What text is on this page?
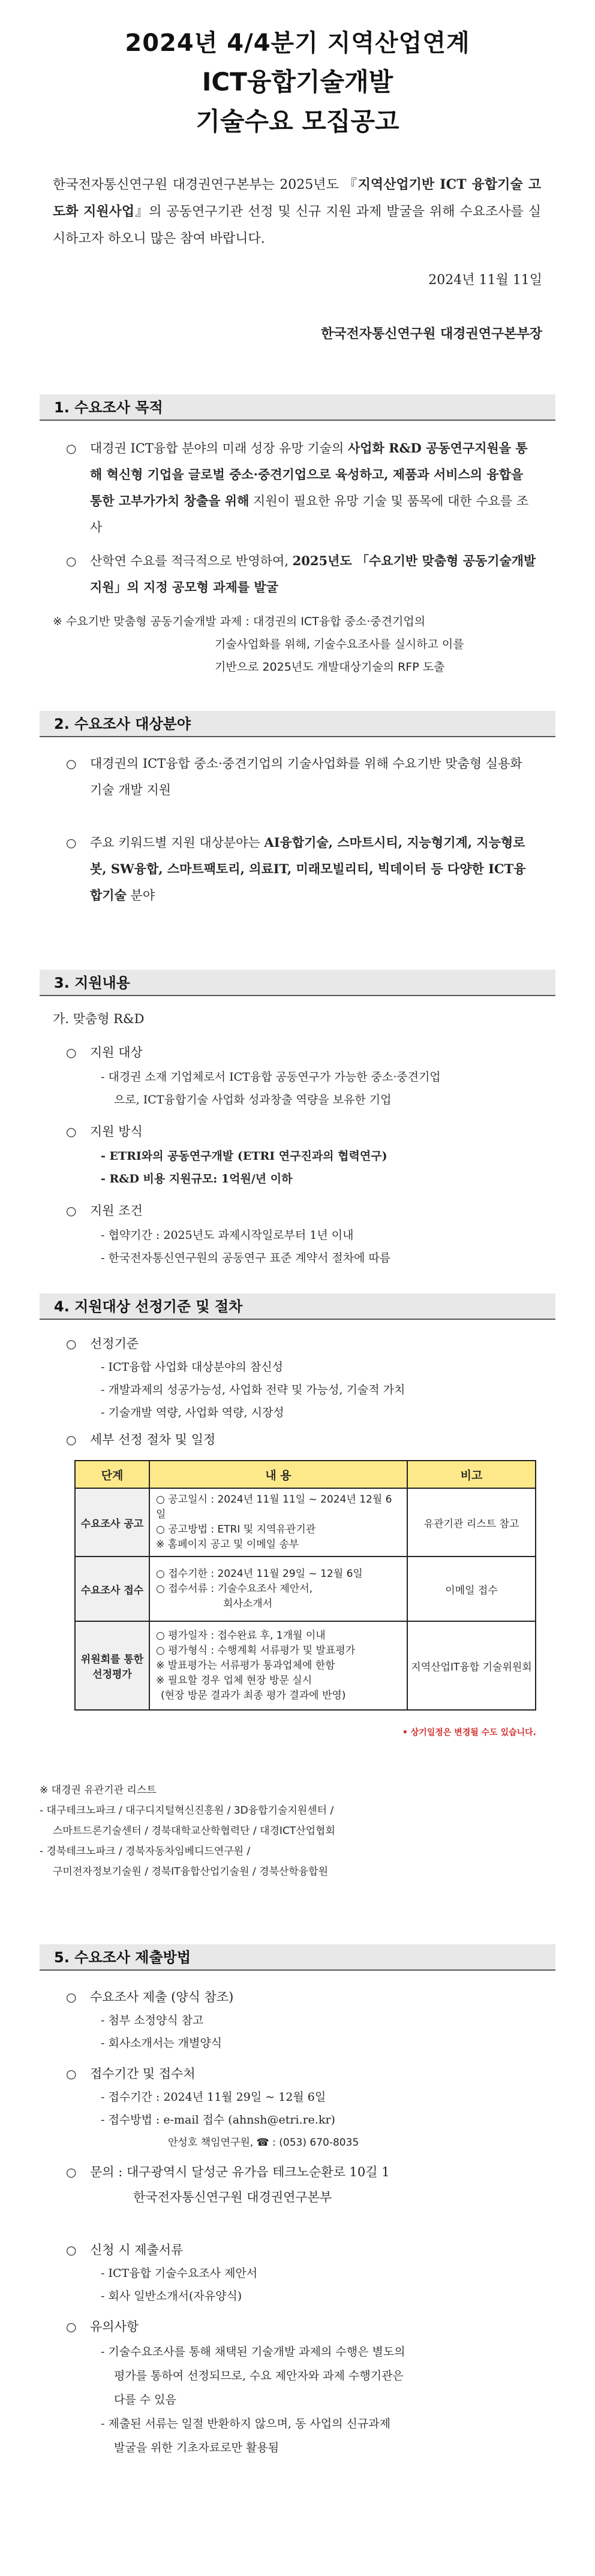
2024년 4/4분기 지역산업연계
ICT융합기술개발
기술수요 모집공고
한국전자통신연구원 대경권연구본부는 2025년도 『지역산업기반 ICT 융합기술 고도화 지원사업』의 공동연구기관 선정 및 신규 지원 과제 발굴을 위해 수요조사를 실시하고자 하오니 많은 참여 바랍니다.
2024년 11월 11일
한국전자통신연구원 대경권연구본부장
1. 수요조사 목적
○ 대경권 ICT융합 분야의 미래 성장 유망 기술의 사업화 R&D 공동연구지원을 통해 혁신형 기업을 글로벌 중소·중견기업으로 육성하고, 제품과 서비스의 융합을 통한 고부가가치 창출을 위해 지원이 필요한 유망 기술 및 품목에 대한 수요를 조사
○ 산학연 수요를 적극적으로 반영하여, 2025년도 「수요기반 맞춤형 공동기술개발 지원」의 지정 공모형 과제를 발굴
※ 수요기반 맞춤형 공동기술개발 과제 : 대경권의 ICT융합 중소·중견기업의
기술사업화를 위해, 기술수요조사를 실시하고 이를
기반으로 2025년도 개발대상기술의 RFP 도출
2. 수요조사 대상분야
○ 대경권의 ICT융합 중소·중견기업의 기술사업화를 위해 수요기반 맞춤형 실용화 기술 개발 지원
○ 주요 키워드별 지원 대상분야는 AI융합기술, 스마트시티, 지능형기계, 지능형로봇, SW융합, 스마트팩토리, 의료IT, 미래모빌리티, 빅데이터 등 다양한 ICT융합기술 분야
3. 지원내용
가. 맞춤형 R&D
○ 지원 대상
- 대경권 소재 기업체로서 ICT융합 공동연구가 가능한 중소·중견기업
으로, ICT융합기술 사업화 성과창출 역량을 보유한 기업
○ 지원 방식
- ETRI와의 공동연구개발 (ETRI 연구진과의 협력연구)
- R&D 비용 지원규모: 1억원/년 이하
○ 지원 조건
- 협약기간 : 2025년도 과제시작일로부터 1년 이내
- 한국전자통신연구원의 공동연구 표준 계약서 절차에 따름
4. 지원대상 선정기준 및 절차
○ 선정기준
- ICT융합 사업화 대상분야의 참신성
- 개발과제의 성공가능성, 사업화 전략 및 가능성, 기술적 가치
- 기술개발 역량, 사업화 역량, 시장성
○ 세부 선정 절차 및 일정
단계	내 용	비고
수요조사 공고	○ 공고일시 : 2024년 11월 11일 ~ 2024년 12월 6일
○ 공고방법 : ETRI 및 지역유관기관
※ 홈페이지 공고 및 이메일 송부	유관기관 리스트 참고
수요조사 접수	○ 접수기한 : 2024년 11월 29일 ~ 12월 6일
○ 접수서류 : 기술수요조사 제안서,
회사소개서	이메일 접수
위원회를 통한 선정평가	○ 평가일자 : 접수완료 후, 1개월 이내
○ 평가형식 : 수행계획 서류평가 및 발표평가
※ 발표평가는 서류평가 통과업체에 한함
※ 필요할 경우 업체 현장 방문 실시
(현장 방문 결과가 최종 평가 결과에 반영)	지역산업IT융합 기술위원회
• 상기일정은 변경될 수도 있습니다.
※ 대경권 유관기관 리스트
- 대구테크노파크 / 대구디지털혁신진흥원 / 3D융합기술지원센터 /
스마트드론기술센터 / 경북대학교산학협력단 / 대경ICT산업협회
- 경북테크노파크 / 경북자동차임베디드연구원 /
구미전자정보기술원 / 경북IT융합산업기술원 / 경북산학융합원
5. 수요조사 제출방법
○ 수요조사 제출 (양식 참조)
- 첨부 소정양식 참고
- 회사소개서는 개별양식
○ 접수기간 및 접수처
- 접수기간 : 2024년 11월 29일 ~ 12월 6일
- 접수방법 : e-mail 접수 (ahnsh@etri.re.kr)
안성호 책임연구원, ☎ : (053) 670-8035
○ 문의 : 대구광역시 달성군 유가읍 테크노순환로 10길 1
한국전자통신연구원 대경권연구본부
○ 신청 시 제출서류
- ICT융합 기술수요조사 제안서
- 회사 일반소개서(자유양식)
○ 유의사항
- 기술수요조사를 통해 채택된 기술개발 과제의 수행은 별도의
평가를 통하여 선정되므로, 수요 제안자와 과제 수행기관은
다를 수 있음
- 제출된 서류는 일절 반환하지 않으며, 동 사업의 신규과제
발굴을 위한 기초자료로만 활용됨
